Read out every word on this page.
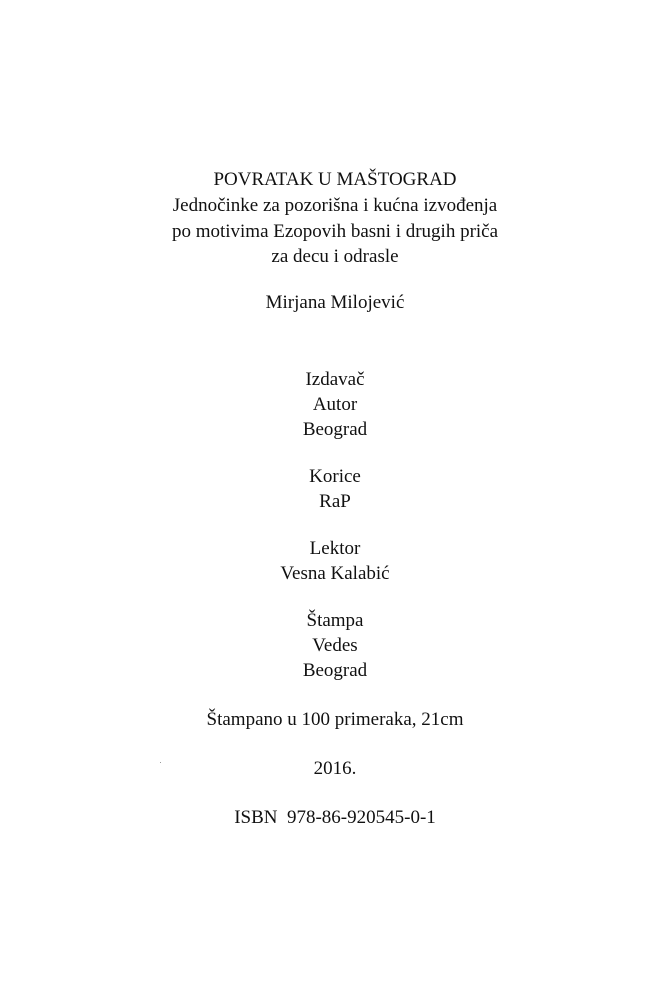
POVRATAK U MAŠTOGRAD
Jednočinke za pozorišna i kućna izvođenja
po motivima Ezopovih basni i drugih priča
za decu i odrasle
Mirjana Milojević
Izdavač
Autor
Beograd
Korice
RaP
Lektor
Vesna Kalabić
Štampa
Vedes
Beograd
Štampano u 100 primeraka, 21cm
2016.
ISBN  978-86-920545-0-1
